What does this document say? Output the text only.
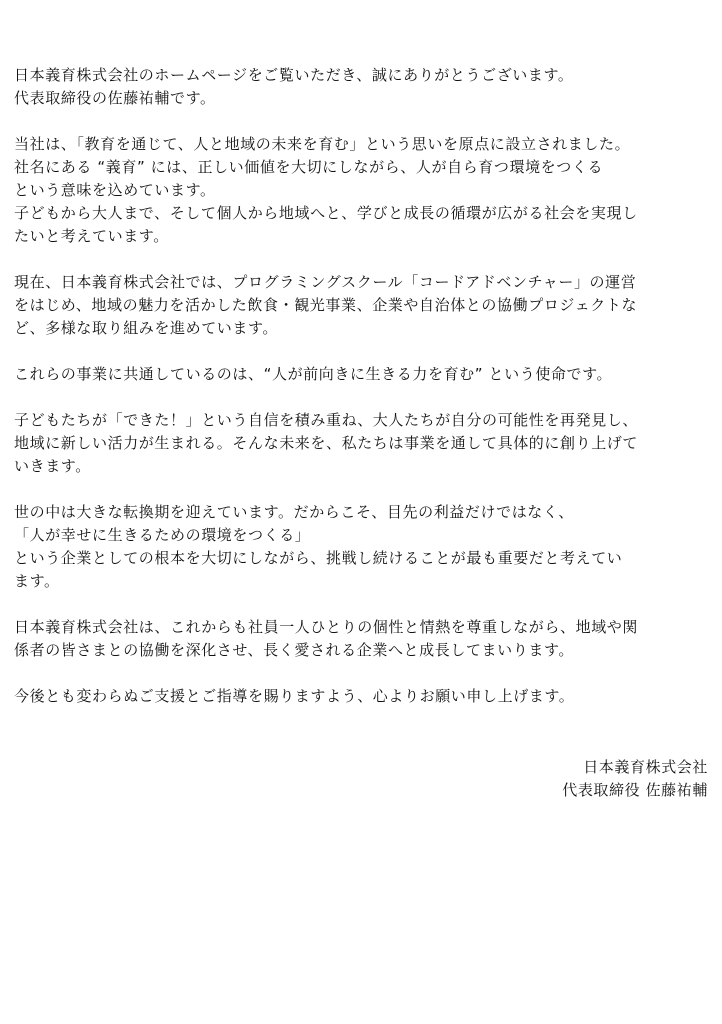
日本義育株式会社のホームページをご覧いただき、誠にありがとうございます。
代表取締役の佐藤祐輔です。
当社は、「教育を通じて、人と地域の未来を育む」という思いを原点に設立されました。
社名にある “義育” には、正しい価値を大切にしながら、人が自ら育つ環境をつくる
という意味を込めています。
子どもから大人まで、そして個人から地域へと、学びと成長の循環が広がる社会を実現し
たいと考えています。
現在、日本義育株式会社では、プログラミングスクール「コードアドベンチャー」の運営
をはじめ、地域の魅力を活かした飲食・観光事業、企業や自治体との協働プロジェクトな
ど、多様な取り組みを進めています。
これらの事業に共通しているのは、“人が前向きに生きる力を育む” という使命です。
子どもたちが「できた！」という自信を積み重ね、大人たちが自分の可能性を再発見し、
地域に新しい活力が生まれる。そんな未来を、私たちは事業を通して具体的に創り上げて
いきます。
世の中は大きな転換期を迎えています。だからこそ、目先の利益だけではなく、
「人が幸せに生きるための環境をつくる」
という企業としての根本を大切にしながら、挑戦し続けることが最も重要だと考えてい
ます。
日本義育株式会社は、これからも社員一人ひとりの個性と情熱を尊重しながら、地域や関
係者の皆さまとの協働を深化させ、長く愛される企業へと成長してまいります。
今後とも変わらぬご支援とご指導を賜りますよう、心よりお願い申し上げます。
日本義育株式会社
代表取締役 佐藤祐輔
